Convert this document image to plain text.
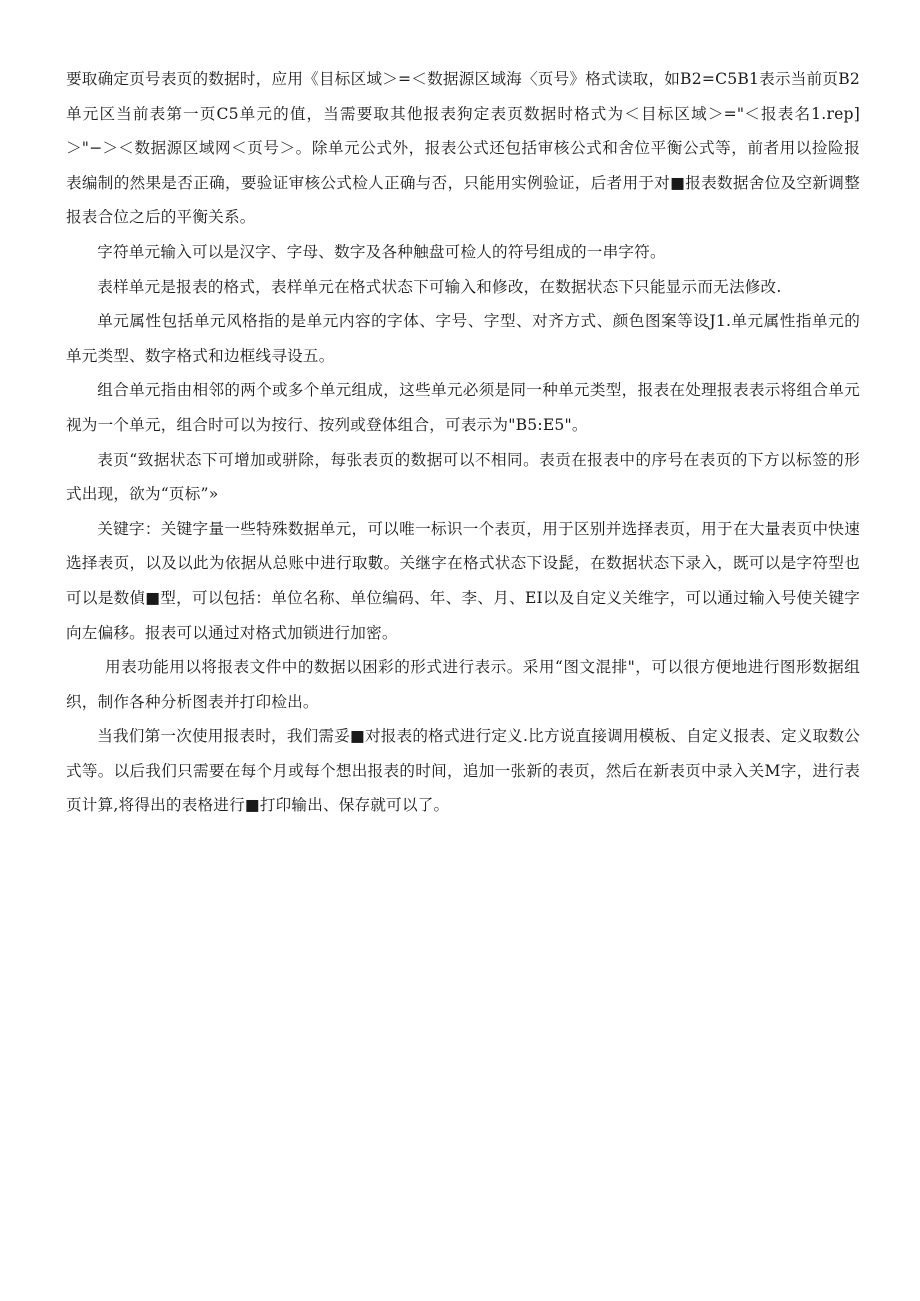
要取确定页号表页的数据时，应用《目标区域＞=＜数据源区域海〈页号》格式读取，如B2=C5B1表示当前页B2单元区当前表第一页C5单元的值，当需要取其他报表狗定表页数据时格式为＜目标区域＞="＜报表名1.rep]＞"−＞＜数据源区域网＜页号＞。除单元公式外，报表公式还包括审核公式和舍位平衡公式等，前者用以捡险报表编制的然果是否正确，要验证审核公式检人正确与否，只能用实例验证，后者用于对■报表数据舍位及空新调整报表合位之后的平衡关系。

字符单元输入可以是汉字、字母、数字及各种触盘可检人的符号组成的一串字符。

表样单元是报表的格式，表样单元在格式状态下可输入和修改，在数据状态下只能显示而无法修改.

单元属性包括单元风格指的是单元内容的字体、字号、字型、对齐方式、颜色图案等设J1.单元属性指单元的单元类型、数字格式和边框线寻设五。

组合单元指由相邻的两个或多个单元组成，这些单元必须是同一种单元类型，报表在处理报表表示将组合单元视为一个单元，组合时可以为按行、按列或登体组合，可表示为"B5:E5"。

表页“致据状态下可增加或骈除，每张表页的数据可以不相同。表贡在报表中的序号在表页的下方以标签的形式出现，欲为“页标”»

关键字：关键字量一些特殊数据单元，可以唯一标识一个表页，用于区别并选择表页，用于在大量表页中快速选择表页，以及以此为依据从总账中进行取數。关继字在格式状态下设髭，在数据状态下录入，既可以是字符型也可以是数偵■型，可以包括：单位名称、单位编码、年、李、月、EI以及自定义关维字，可以通过输入号使关键字向左偏移。报表可以通过对格式加锁进行加密。

用表功能用以将报表文件中的数据以困彩的形式进行表示。采用“图文混排"，可以很方便地进行图形数据组织，制作各种分析图表并打印检出。

当我们第一次使用报表时，我们需妥■对报表的格式进行定义.比方说直接调用模板、自定义报表、定义取数公式等。以后我们只需要在每个月或每个想出报表的时间，追加一张新的表页，然后在新表页中录入关M字，进行表页计算,将得出的表格进行■打印输出、保存就可以了。
